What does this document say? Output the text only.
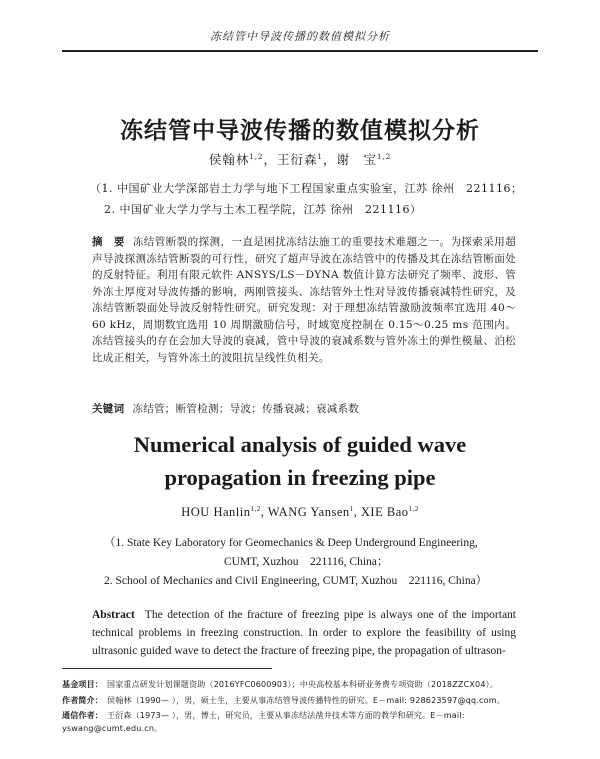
冻结管中导波传播的数值模拟分析
冻结管中导波传播的数值模拟分析
侯翰林$^{1,2}$，王衍森$^1$，谢　宝$^{1,2}$
（1. 中国矿业大学深部岩土力学与地下工程国家重点实验室，江苏 徐州　221116；
2. 中国矿业大学力学与土木工程学院，江苏 徐州　221116）
摘　要 冻结管断裂的探测，一直是困扰冻结法施工的重要技术难题之一。为探索采用超声导波探测冻结管断裂的可行性，研究了超声导波在冻结管中的传播及其在冻结管断面处的反射特征。利用有限元软件 ANSYS/LS－DYNA 数值计算方法研究了频率、波形、管外冻土厚度对导波传播的影响，两刚管接头、冻结管外土性对导波传播衰减特性研究，及冻结管断裂面处导波反射特性研究。研究发现：对于理想冻结管激励波频率宜选用 40～60 kHz，周期数宜选用 10 周期激励信号，时域宽度控制在 0.15～0.25 ms 范围内。冻结管接头的存在会加大导波的衰减，管中导波的衰减系数与管外冻土的弹性模量、泊松比成正相关，与管外冻土的波阻抗呈线性负相关。
关键词 冻结管；断管检测；导波；传播衰减；衰减系数
Numerical analysis of guided wave
propagation in freezing pipe
HOU Hanlin$^{1,2}$, WANG Yansen$^1$, XIE Bao$^{1,2}$
（1. State Key Laboratory for Geomechanics & Deep Underground Engineering,
CUMT, Xuzhou　221116, China；
2. School of Mechanics and Civil Engineering, CUMT, Xuzhou　221116, China）
Abstract The detection of the fracture of freezing pipe is always one of the important technical problems in freezing construction. In order to explore the feasibility of using ultrasonic guided wave to detect the fracture of freezing pipe, the propagation of ultrason-
基金项目： 国家重点研发计划课题资助（2016YFC0600903）；中央高校基本科研业务费专项资助（2018ZZCX04）。
作者简介： 侯翰林（1990— ），男，硕士生，主要从事冻结管导波传播特性的研究。E－mail: 928623597@qq.com。
通信作者： 王衍森（1973— ），男，博士，研究员，主要从事冻结法凿井技术等方面的教学和研究。E－mail: yswang@cumt.edu.cn。
